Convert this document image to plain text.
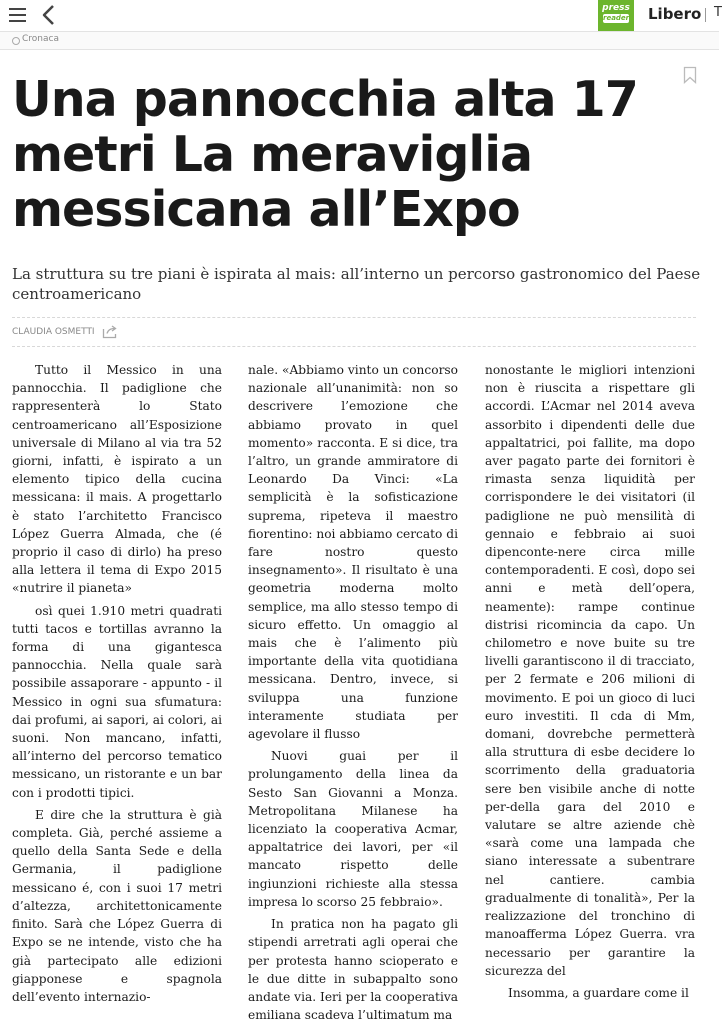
press
reader Libero T
Cronaca
Una pannocchia alta 17 metri La meraviglia messicana all’Expo

La struttura su tre piani è ispirata al mais: all’interno un percorso gastronomico del Paese centroamericano

CLAUDIA OSMETTI

Tutto il Messico in una pannocchia. Il padiglione che rappresenterà lo Stato centroamericano all’Esposizione universale di Milano al via tra 52 giorni, infatti, è ispirato a un elemento tipico della cucina messicana: il mais. A progettarlo è stato l’architetto Francisco López Guerra Almada, che (é proprio il caso di dirlo) ha preso alla lettera il tema di Expo 2015 «nutrire il pianeta»

osì quei 1.910 metri quadrati tutti tacos e tortillas avranno la forma di una gigantesca pannocchia. Nella quale sarà possibile assaporare - appunto - il Messico in ogni sua sfumatura: dai profumi, ai sapori, ai colori, ai suoni. Non mancano, infatti, all’interno del percorso tematico messicano, un ristorante e un bar con i prodotti tipici.

E dire che la struttura è già completa. Già, perché assieme a quello della Santa Sede e della Germania, il padiglione messicano é, con i suoi 17 metri d’altezza, architettonicamente finito. Sarà che López Guerra di Expo se ne intende, visto che ha già partecipato alle edizioni giapponese e spagnola dell’evento internazio-

nale. «Abbiamo vinto un concorso nazionale all’unanimità: non so descrivere l’emozione che abbiamo provato in quel momento» racconta. E si dice, tra l’altro, un grande ammiratore di Leonardo Da Vinci: «La semplicità è la sofisticazione suprema, ripeteva il maestro fiorentino: noi abbiamo cercato di fare nostro questo insegnamento». Il risultato è una geometria moderna molto semplice, ma allo stesso tempo di sicuro effetto. Un omaggio al mais che è l’alimento più importante della vita quotidiana messicana. Dentro, invece, si sviluppa una funzione interamente studiata per agevolare il flusso

Nuovi guai per il prolungamento della linea da Sesto San Giovanni a Monza. Metropolitana Milanese ha licenziato la cooperativa Acmar, appaltatrice dei lavori, per «il mancato rispetto delle ingiunzioni richieste alla stessa impresa lo scorso 25 febbraio».

In pratica non ha pagato gli stipendi arretrati agli operai che per protesta hanno scioperato e le due ditte in subappalto sono andate via. Ieri per la cooperativa emiliana scadeva l’ultimatum ma

nonostante le migliori intenzioni non è riuscita a rispettare gli accordi. L’Acmar nel 2014 aveva assorbito i dipendenti delle due appaltatrici, poi fallite, ma dopo aver pagato parte dei fornitori è rimasta senza liquidità per corrispondere le dei visitatori (il padiglione ne può mensilità di gennaio e febbraio ai suoi dipenconte-nere circa mille contemporadenti. E così, dopo sei anni e metà dell’opera, neamente): rampe continue distrisi ricomincia da capo. Un chilometro e nove buite su tre livelli garantiscono il di tracciato, per 2 fermate e 206 milioni di movimento. E poi un gioco di luci euro investiti. Il cda di Mm, domani, dovrebche permetterà alla struttura di esbe decidere lo scorrimento della graduatoria sere ben visibile anche di notte per-della gara del 2010 e valutare se altre aziende chè «sarà come una lampada che siano interessate a subentrare nel cantiere. cambia gradualmente di tonalità», Per la realizzazione del tronchino di manoafferma López Guerra. vra necessario per garantire la sicurezza del

Insomma, a guardare come il
